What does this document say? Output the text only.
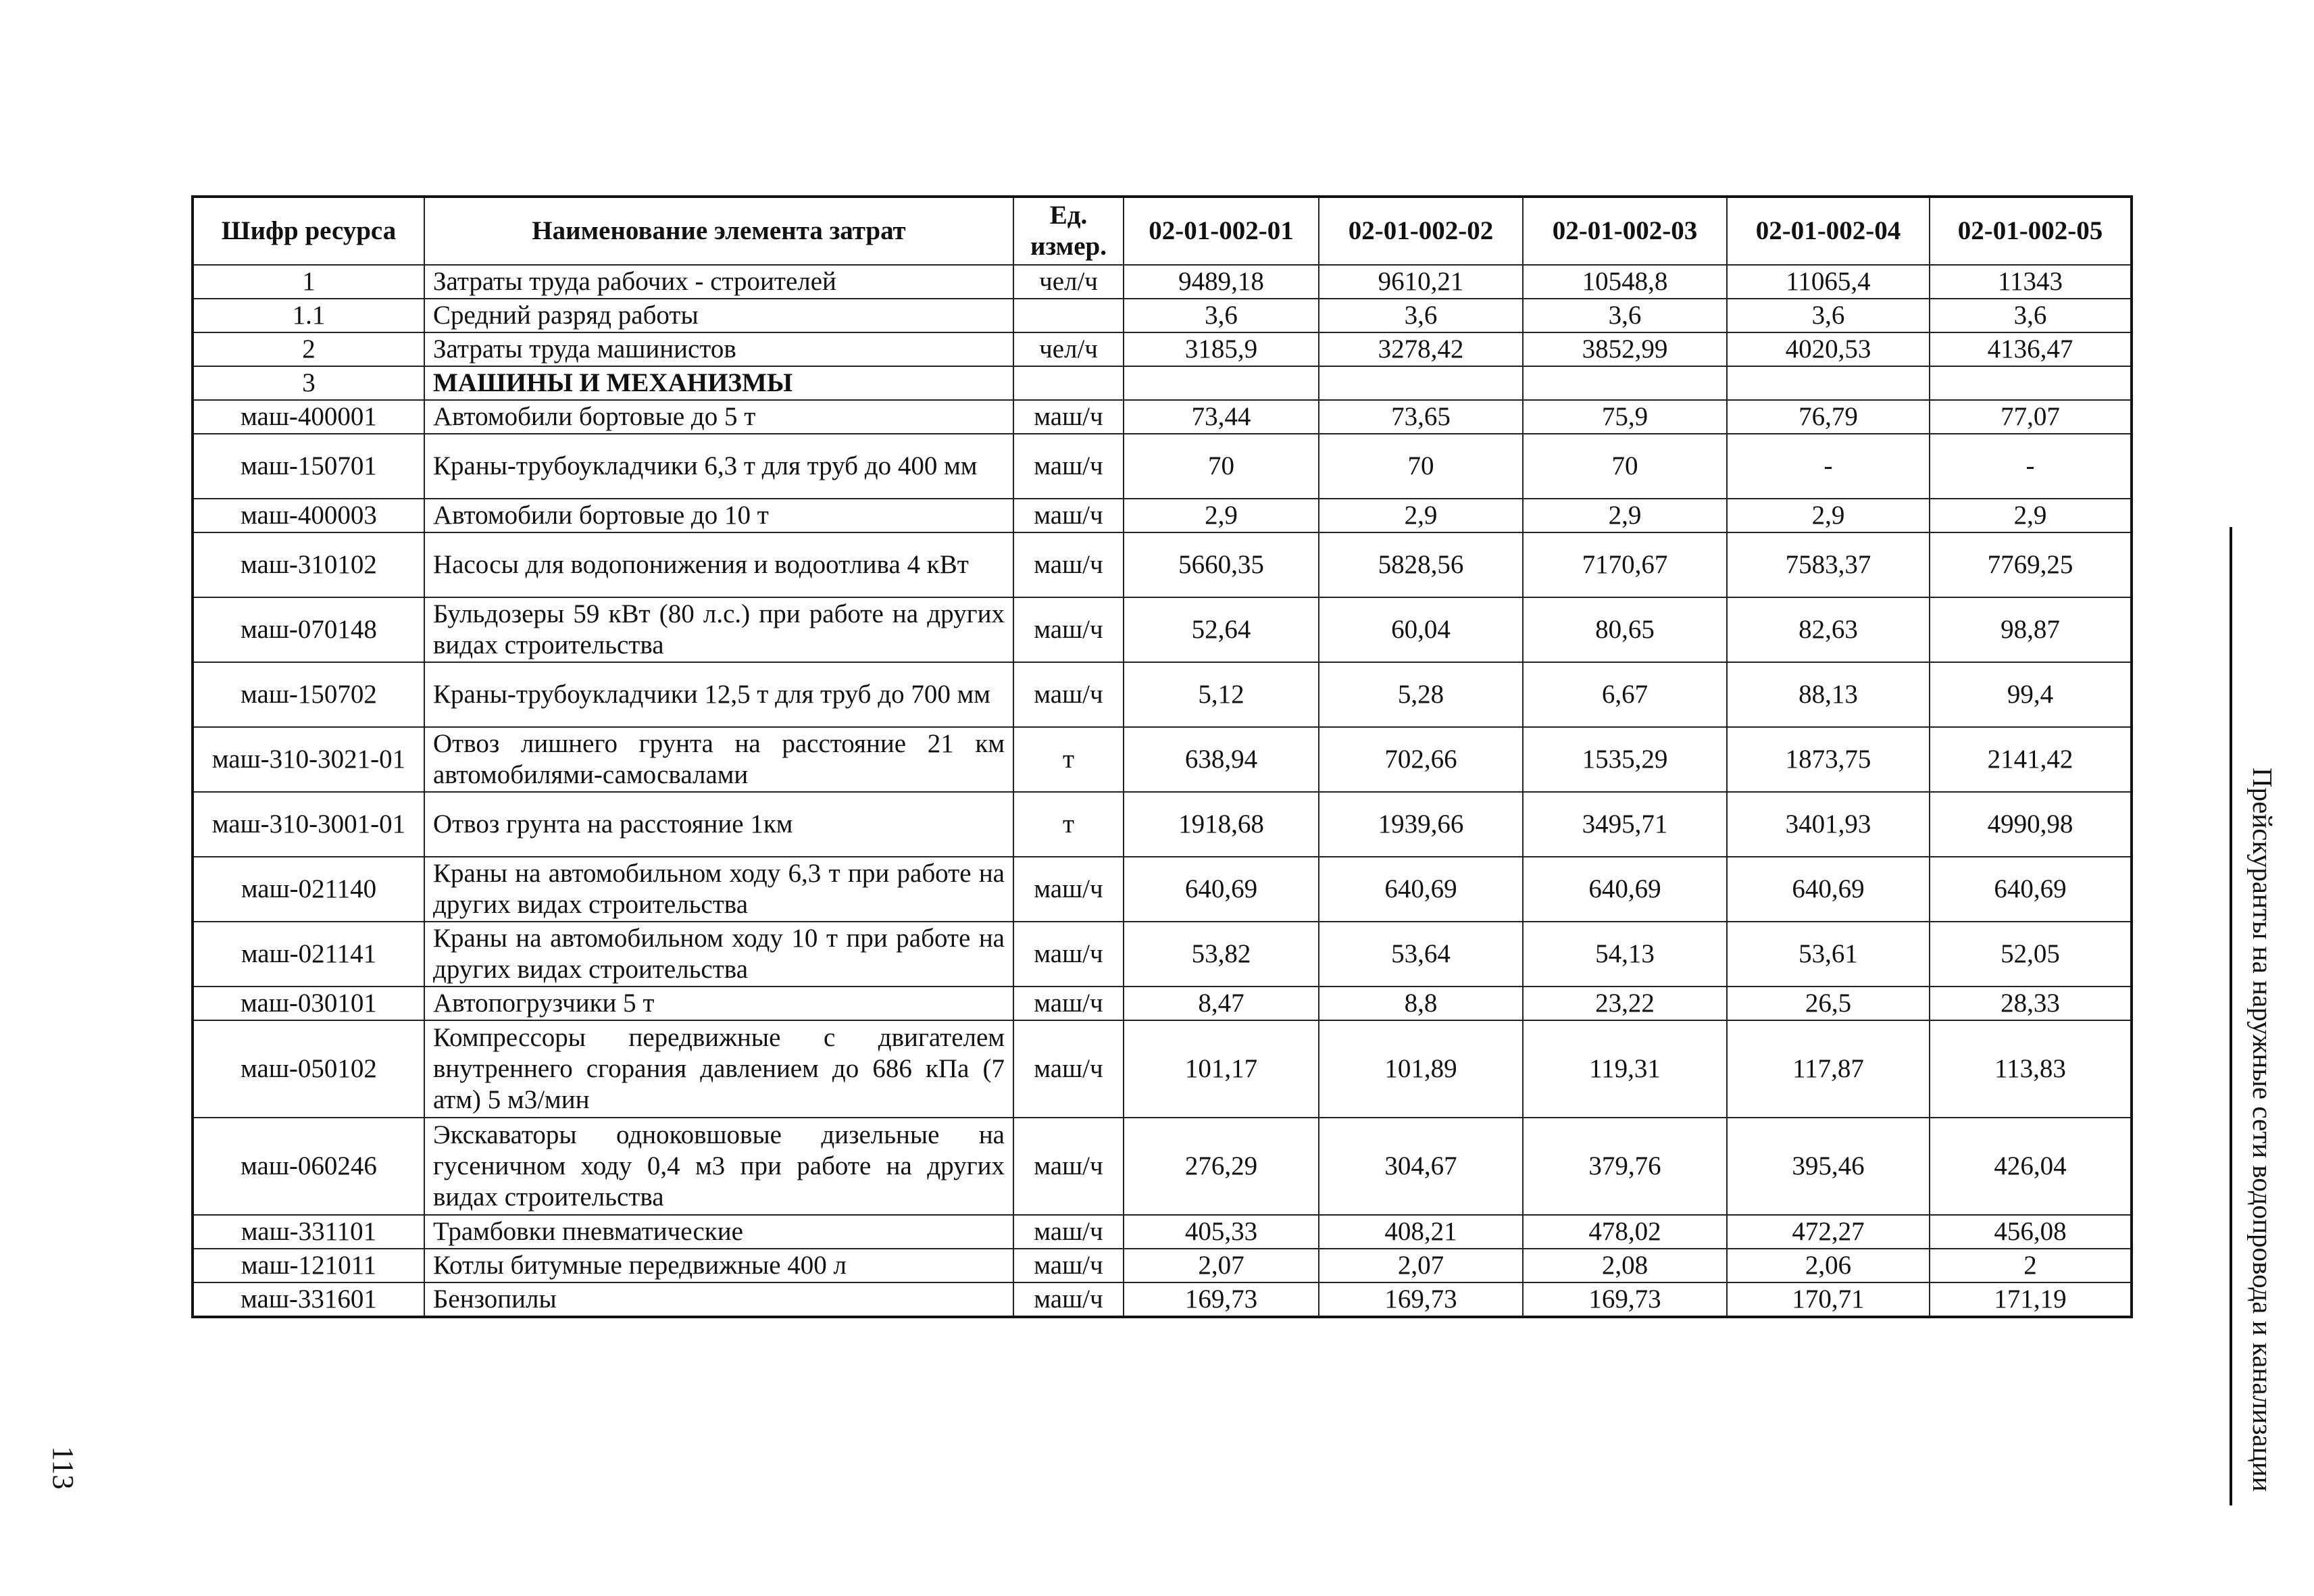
Шифр ресурса	Наименование элемента затрат	Ед. измер.	02-01-002-01	02-01-002-02	02-01-002-03	02-01-002-04	02-01-002-05
1	Затраты труда рабочих - строителей	чел/ч	9489,18	9610,21	10548,8	11065,4	11343
1.1	Средний разряд работы		3,6	3,6	3,6	3,6	3,6
2	Затраты труда машинистов	чел/ч	3185,9	3278,42	3852,99	4020,53	4136,47
3	МАШИНЫ И МЕХАНИЗМЫ						
маш-400001	Автомобили бортовые до 5 т	маш/ч	73,44	73,65	75,9	76,79	77,07
маш-150701	Краны-трубоукладчики 6,3 т для труб до 400 мм	маш/ч	70	70	70	-	-
маш-400003	Автомобили бортовые до 10 т	маш/ч	2,9	2,9	2,9	2,9	2,9
маш-310102	Насосы для водопонижения и водоотлива 4 кВт	маш/ч	5660,35	5828,56	7170,67	7583,37	7769,25
маш-070148	Бульдозеры 59 кВт (80 л.с.) при работе на других видах строительства	маш/ч	52,64	60,04	80,65	82,63	98,87
маш-150702	Краны-трубоукладчики 12,5 т для труб до 700 мм	маш/ч	5,12	5,28	6,67	88,13	99,4
маш-310-3021-01	Отвоз лишнего грунта на расстояние 21 км автомобилями-самосвалами	т	638,94	702,66	1535,29	1873,75	2141,42
маш-310-3001-01	Отвоз грунта на расстояние 1км	т	1918,68	1939,66	3495,71	3401,93	4990,98
маш-021140	Краны на автомобильном ходу 6,3 т при работе на других видах строительства	маш/ч	640,69	640,69	640,69	640,69	640,69
маш-021141	Краны на автомобильном ходу 10 т при работе на других видах строительства	маш/ч	53,82	53,64	54,13	53,61	52,05
маш-030101	Автопогрузчики 5 т	маш/ч	8,47	8,8	23,22	26,5	28,33
маш-050102	Компрессоры передвижные с двигателем внутреннего сгорания давлением до 686 кПа (7 атм) 5 м3/мин	маш/ч	101,17	101,89	119,31	117,87	113,83
маш-060246	Экскаваторы одноковшовые дизельные на гусеничном ходу 0,4 м3 при работе на других видах строительства	маш/ч	276,29	304,67	379,76	395,46	426,04
маш-331101	Трамбовки пневматические	маш/ч	405,33	408,21	478,02	472,27	456,08
маш-121011	Котлы битумные передвижные 400 л	маш/ч	2,07	2,07	2,08	2,06	2
маш-331601	Бензопилы	маш/ч	169,73	169,73	169,73	170,71	171,19	Прейскуранты на наружные сети водопровода и канализации
113
